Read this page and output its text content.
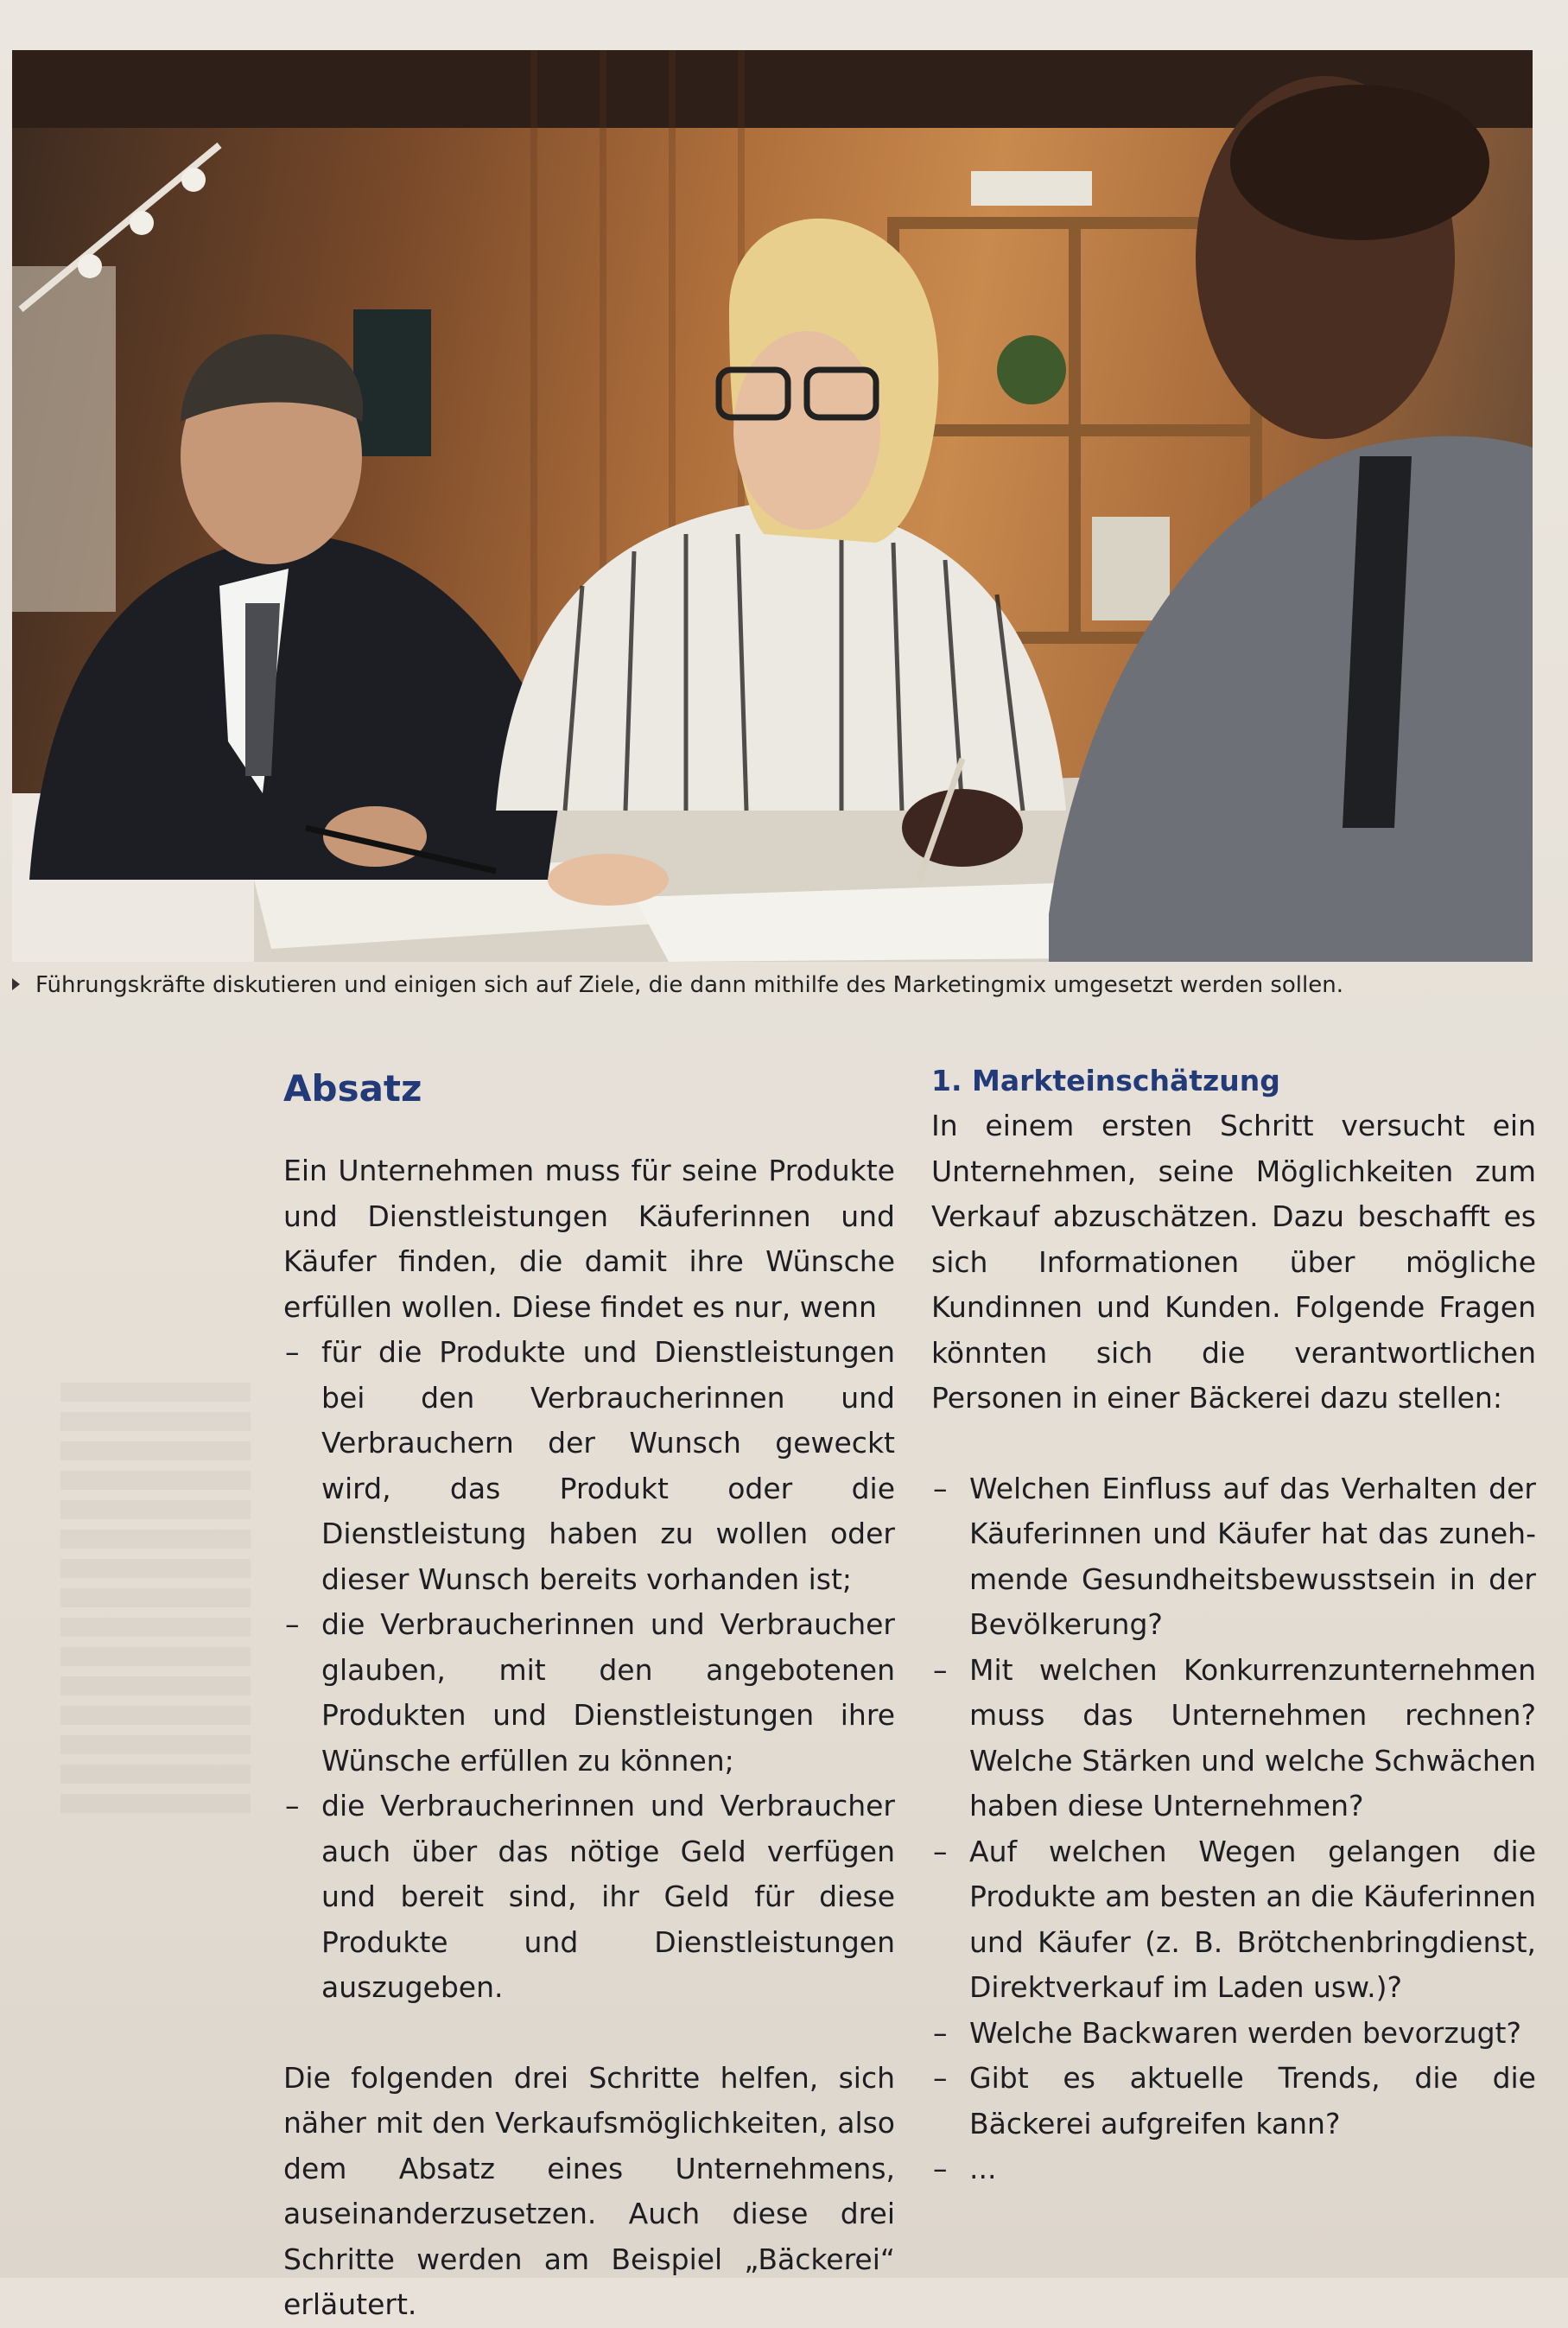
Führungskräfte diskutieren und einigen sich auf Ziele, die dann mithilfe des Marketingmix umgesetzt werden sollen.
Absatz

Ein Unternehmen muss für seine Produkte und Dienstleistungen Käuferinnen und Käufer finden, die damit ihre Wünsche erfüllen wollen. Diese findet es nur, wenn

– für die Produkte und Dienstleistungen bei den Verbraucherinnen und Verbrauchern der Wunsch geweckt wird, das Produkt oder die Dienstleistung haben zu wollen oder dieser Wunsch bereits vorhanden ist;
– die Verbraucherinnen und Verbraucher glauben, mit den angebotenen Produkten und Dienstleistungen ihre Wünsche erfüllen zu können;
– die Verbraucherinnen und Verbraucher auch über das nötige Geld verfügen und bereit sind, ihr Geld für diese Produkte und Dienstleistungen auszugeben.

Die folgenden drei Schritte helfen, sich näher mit den Verkaufsmöglichkeiten, also dem Absatz eines Unternehmens, auseinanderzusetzen. Auch diese drei Schritte werden am Beispiel „Bäckerei“ erläutert.

1. Markteinschätzung

In einem ersten Schritt versucht ein Unternehmen, seine Möglichkeiten zum Verkauf abzuschätzen. Dazu beschafft es sich Informationen über mögliche Kundinnen und Kunden. Folgende Fragen könnten sich die verantwortlichen Personen in einer Bäckerei dazu stellen:

– Welchen Einfluss auf das Verhalten der Käuferinnen und Käufer hat das zunehmende Gesundheitsbewusstsein in der Bevölkerung?
– Mit welchen Konkurrenzunternehmen muss das Unternehmen rechnen? Welche Stärken und welche Schwächen haben diese Unternehmen?
– Auf welchen Wegen gelangen die Produkte am besten an die Käuferinnen und Käufer (z. B. Brötchenbringdienst, Direktverkauf im Laden usw.)?
– Welche Backwaren werden bevorzugt?
– Gibt es aktuelle Trends, die die Bäckerei aufgreifen kann?
– ...
